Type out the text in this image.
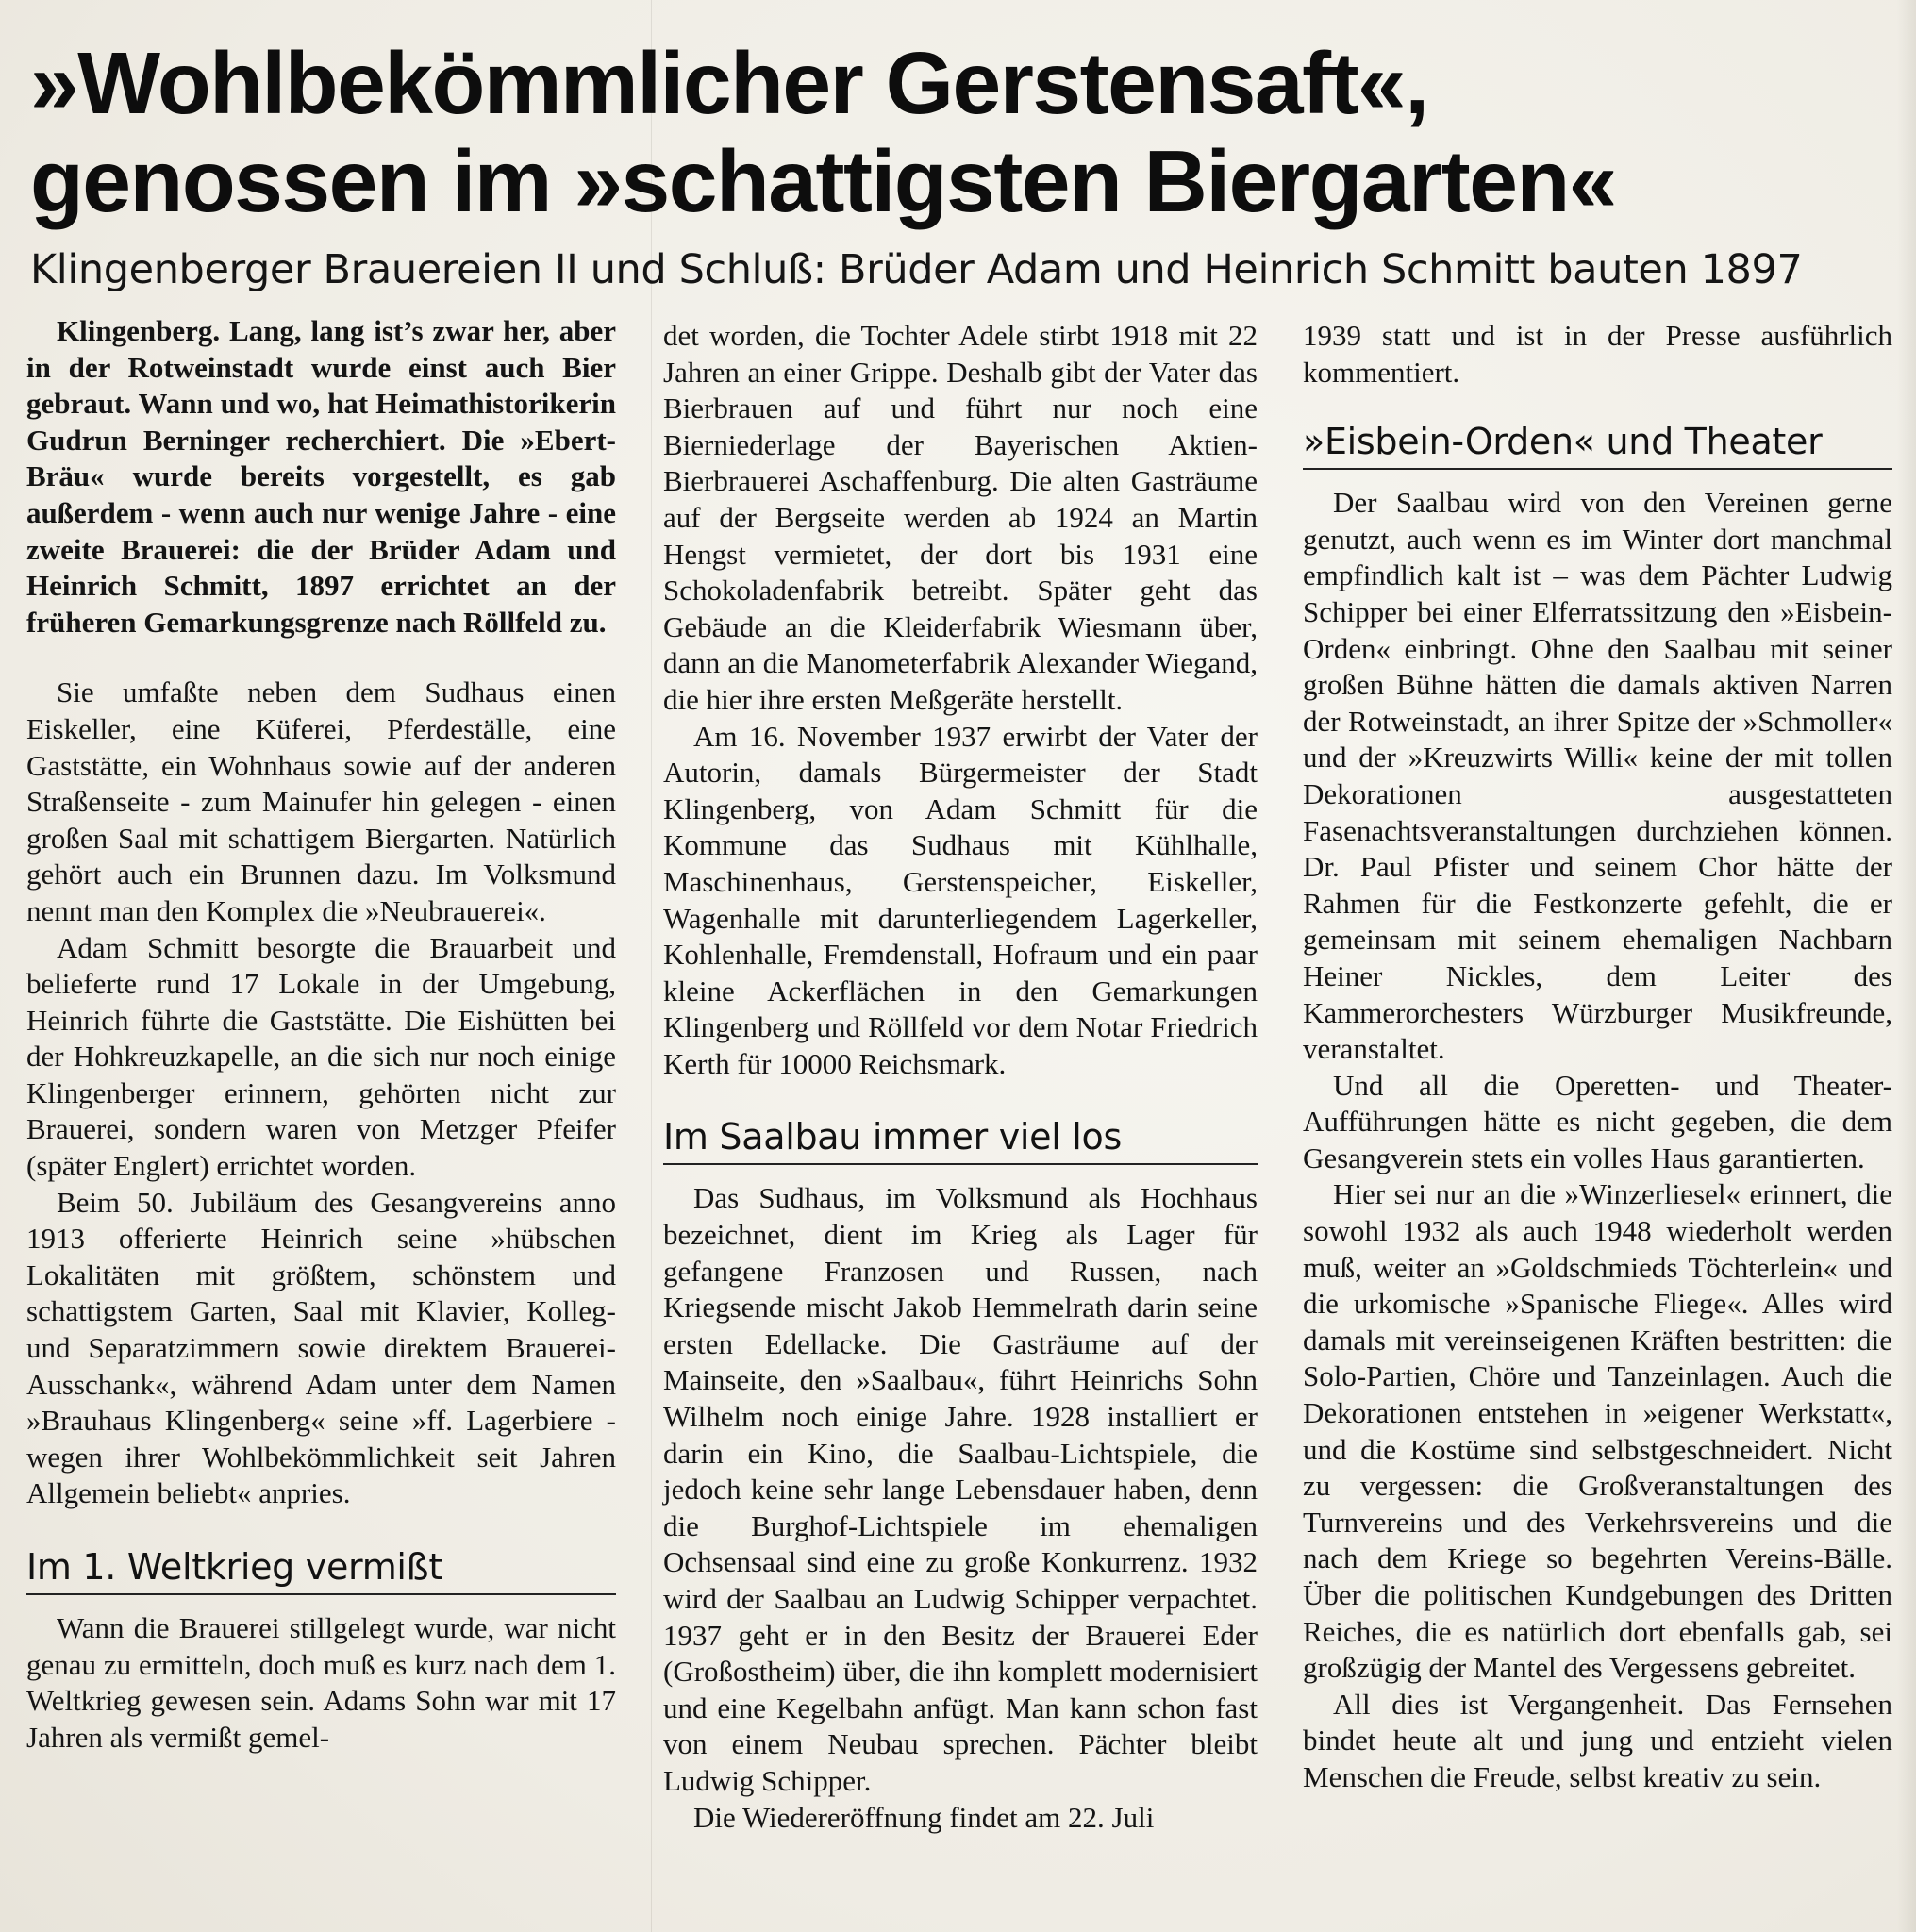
»Wohlbekömmlicher Gerstensaft«,
genossen im »schattigsten Biergarten«
Klingenberger Brauereien II und Schluß: Brüder Adam und Heinrich Schmitt bauten 1897

Klingenberg. Lang, lang ist’s zwar her, aber in der Rotweinstadt wurde einst auch Bier gebraut. Wann und wo, hat Heimathistorikerin Gudrun Berninger recherchiert. Die »Ebert-Bräu« wurde bereits vorgestellt, es gab außerdem - wenn auch nur wenige Jahre - eine zweite Brauerei: die der Brüder Adam und Heinrich Schmitt, 1897 errichtet an der früheren Gemarkungsgrenze nach Röllfeld zu.

Sie umfaßte neben dem Sudhaus einen Eiskeller, eine Küferei, Pferdeställe, eine Gaststätte, ein Wohnhaus sowie auf der anderen Straßenseite - zum Mainufer hin gelegen - einen großen Saal mit schattigem Biergarten. Natürlich gehört auch ein Brunnen dazu. Im Volksmund nennt man den Komplex die »Neubrauerei«.

Adam Schmitt besorgte die Brauarbeit und belieferte rund 17 Lokale in der Umgebung, Heinrich führte die Gaststätte. Die Eishütten bei der Hohkreuzkapelle, an die sich nur noch einige Klingenberger erinnern, gehörten nicht zur Brauerei, sondern waren von Metzger Pfeifer (später Englert) errichtet worden.

Beim 50. Jubiläum des Gesangvereins anno 1913 offerierte Heinrich seine »hübschen Lokalitäten mit größtem, schönstem und schattigstem Garten, Saal mit Klavier, Kolleg- und Separatzimmern sowie direktem Brauerei-Ausschank«, während Adam unter dem Namen »Brauhaus Klingenberg« seine »ff. Lagerbiere - wegen ihrer Wohlbekömmlichkeit seit Jahren Allgemein beliebt« anpries.

Im 1. Weltkrieg vermißt

Wann die Brauerei stillgelegt wurde, war nicht genau zu ermitteln, doch muß es kurz nach dem 1. Weltkrieg gewesen sein. Adams Sohn war mit 17 Jahren als vermißt gemel-

det worden, die Tochter Adele stirbt 1918 mit 22 Jahren an einer Grippe. Deshalb gibt der Vater das Bierbrauen auf und führt nur noch eine Bierniederlage der Bayerischen Aktien-Bierbrauerei Aschaffenburg. Die alten Gasträume auf der Bergseite werden ab 1924 an Martin Hengst vermietet, der dort bis 1931 eine Schokoladenfabrik betreibt. Später geht das Gebäude an die Kleiderfabrik Wiesmann über, dann an die Manometerfabrik Alexander Wiegand, die hier ihre ersten Meßgeräte herstellt.

Am 16. November 1937 erwirbt der Vater der Autorin, damals Bürgermeister der Stadt Klingenberg, von Adam Schmitt für die Kommune das Sudhaus mit Kühlhalle, Maschinenhaus, Gerstenspeicher, Eiskeller, Wagenhalle mit darunterliegendem Lagerkeller, Kohlenhalle, Fremdenstall, Hofraum und ein paar kleine Ackerflächen in den Gemarkungen Klingenberg und Röllfeld vor dem Notar Friedrich Kerth für 10000 Reichsmark.

Im Saalbau immer viel los

Das Sudhaus, im Volksmund als Hochhaus bezeichnet, dient im Krieg als Lager für gefangene Franzosen und Russen, nach Kriegsende mischt Jakob Hemmelrath darin seine ersten Edellacke. Die Gasträume auf der Mainseite, den »Saalbau«, führt Heinrichs Sohn Wilhelm noch einige Jahre. 1928 installiert er darin ein Kino, die Saalbau-Lichtspiele, die jedoch keine sehr lange Lebensdauer haben, denn die Burghof-Lichtspiele im ehemaligen Ochsensaal sind eine zu große Konkurrenz. 1932 wird der Saalbau an Ludwig Schipper verpachtet. 1937 geht er in den Besitz der Brauerei Eder (Großostheim) über, die ihn komplett modernisiert und eine Kegelbahn anfügt. Man kann schon fast von einem Neubau sprechen. Pächter bleibt Ludwig Schipper.

Die Wiedereröffnung findet am 22. Juli

1939 statt und ist in der Presse ausführlich kommentiert.

»Eisbein-Orden« und Theater

Der Saalbau wird von den Vereinen gerne genutzt, auch wenn es im Winter dort manchmal empfindlich kalt ist – was dem Pächter Ludwig Schipper bei einer Elferratssitzung den »Eisbein-Orden« einbringt. Ohne den Saalbau mit seiner großen Bühne hätten die damals aktiven Narren der Rotweinstadt, an ihrer Spitze der »Schmoller« und der »Kreuzwirts Willi« keine der mit tollen Dekorationen ausgestatteten Fasenachtsveranstaltungen durchziehen können. Dr. Paul Pfister und seinem Chor hätte der Rahmen für die Festkonzerte gefehlt, die er gemeinsam mit seinem ehemaligen Nachbarn Heiner Nickles, dem Leiter des Kammerorchesters Würzburger Musikfreunde, veranstaltet.

Und all die Operetten- und Theater-Aufführungen hätte es nicht gegeben, die dem Gesangverein stets ein volles Haus garantierten.

Hier sei nur an die »Winzerliesel« erinnert, die sowohl 1932 als auch 1948 wiederholt werden muß, weiter an »Goldschmieds Töchterlein« und die urkomische »Spanische Fliege«. Alles wird damals mit vereinseigenen Kräften bestritten: die Solo-Partien, Chöre und Tanzeinlagen. Auch die Dekorationen entstehen in »eigener Werkstatt«, und die Kostüme sind selbstgeschneidert. Nicht zu vergessen: die Großveranstaltungen des Turnvereins und des Verkehrsvereins und die nach dem Kriege so begehrten Vereins-Bälle. Über die politischen Kundgebungen des Dritten Reiches, die es natürlich dort ebenfalls gab, sei großzügig der Mantel des Vergessens gebreitet.

All dies ist Vergangenheit. Das Fernsehen bindet heute alt und jung und entzieht vielen Menschen die Freude, selbst kreativ zu sein.
